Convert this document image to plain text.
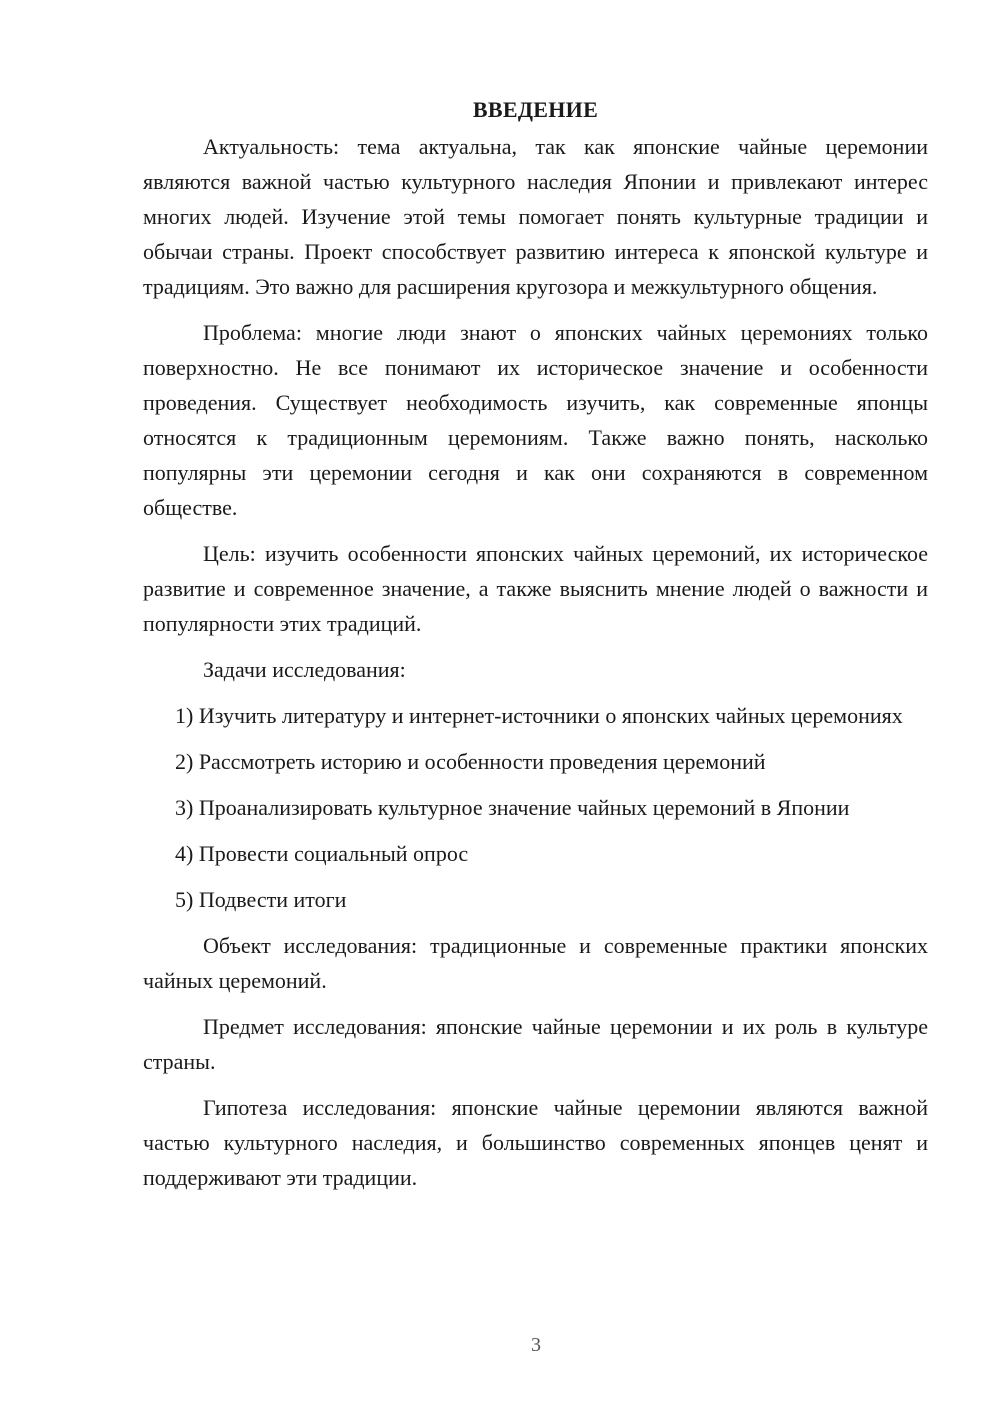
ВВЕДЕНИЕ

Актуальность: тема актуальна, так как японские чайные церемонии являются важной частью культурного наследия Японии и привлекают интерес многих людей. Изучение этой темы помогает понять культурные традиции и обычаи страны. Проект способствует развитию интереса к японской культуре и традициям. Это важно для расширения кругозора и межкультурного общения.

Проблема: многие люди знают о японских чайных церемониях только поверхностно. Не все понимают их историческое значение и особенности проведения. Существует необходимость изучить, как современные японцы относятся к традиционным церемониям. Также важно понять, насколько популярны эти церемонии сегодня и как они сохраняются в современном обществе.

Цель: изучить особенности японских чайных церемоний, их историческое развитие и современное значение, а также выяснить мнение людей о важности и популярности этих традиций.

Задачи исследования:

1) Изучить литературу и интернет-источники о японских чайных церемониях

2) Рассмотреть историю и особенности проведения церемоний

3) Проанализировать культурное значение чайных церемоний в Японии

4) Провести социальный опрос

5) Подвести итоги

Объект исследования: традиционные и современные практики японских чайных церемоний.

Предмет исследования: японские чайные церемонии и их роль в культуре страны.

Гипотеза исследования: японские чайные церемонии являются важной частью культурного наследия, и большинство современных японцев ценят и поддерживают эти традиции.

3
